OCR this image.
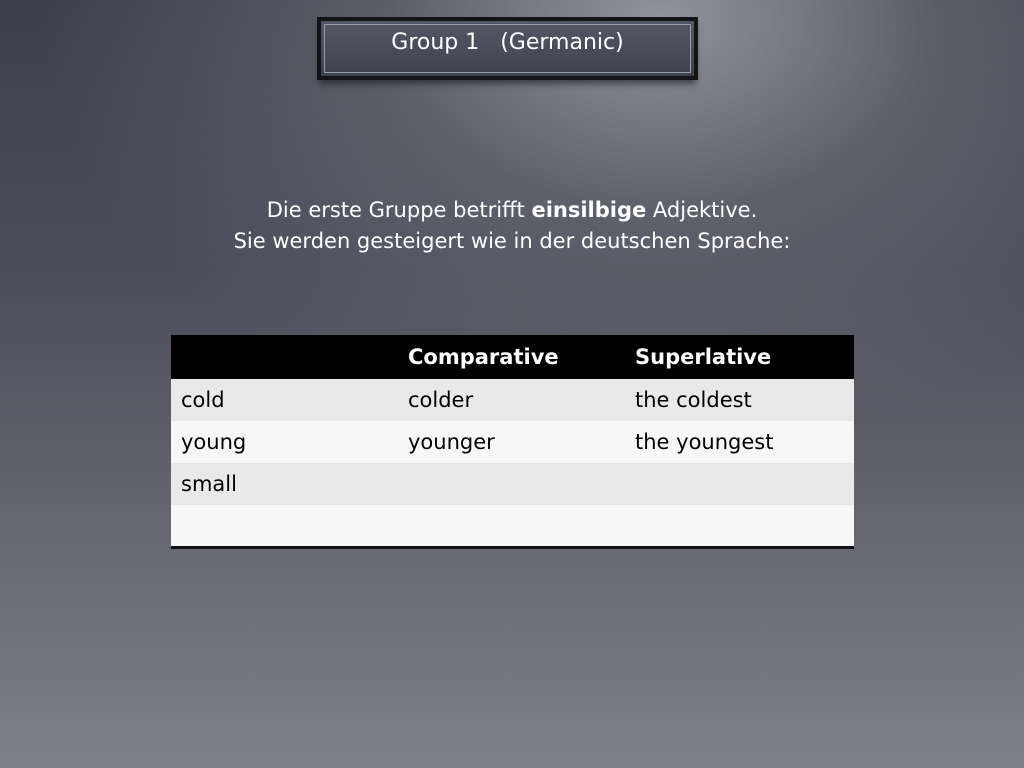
Group 1   (Germanic)
Die erste Gruppe betrifft einsilbige Adjektive.
Sie werden gesteigert wie in der deutschen Sprache:
	Comparative	Superlative
cold	colder	the coldest
young	younger	the youngest
small		
